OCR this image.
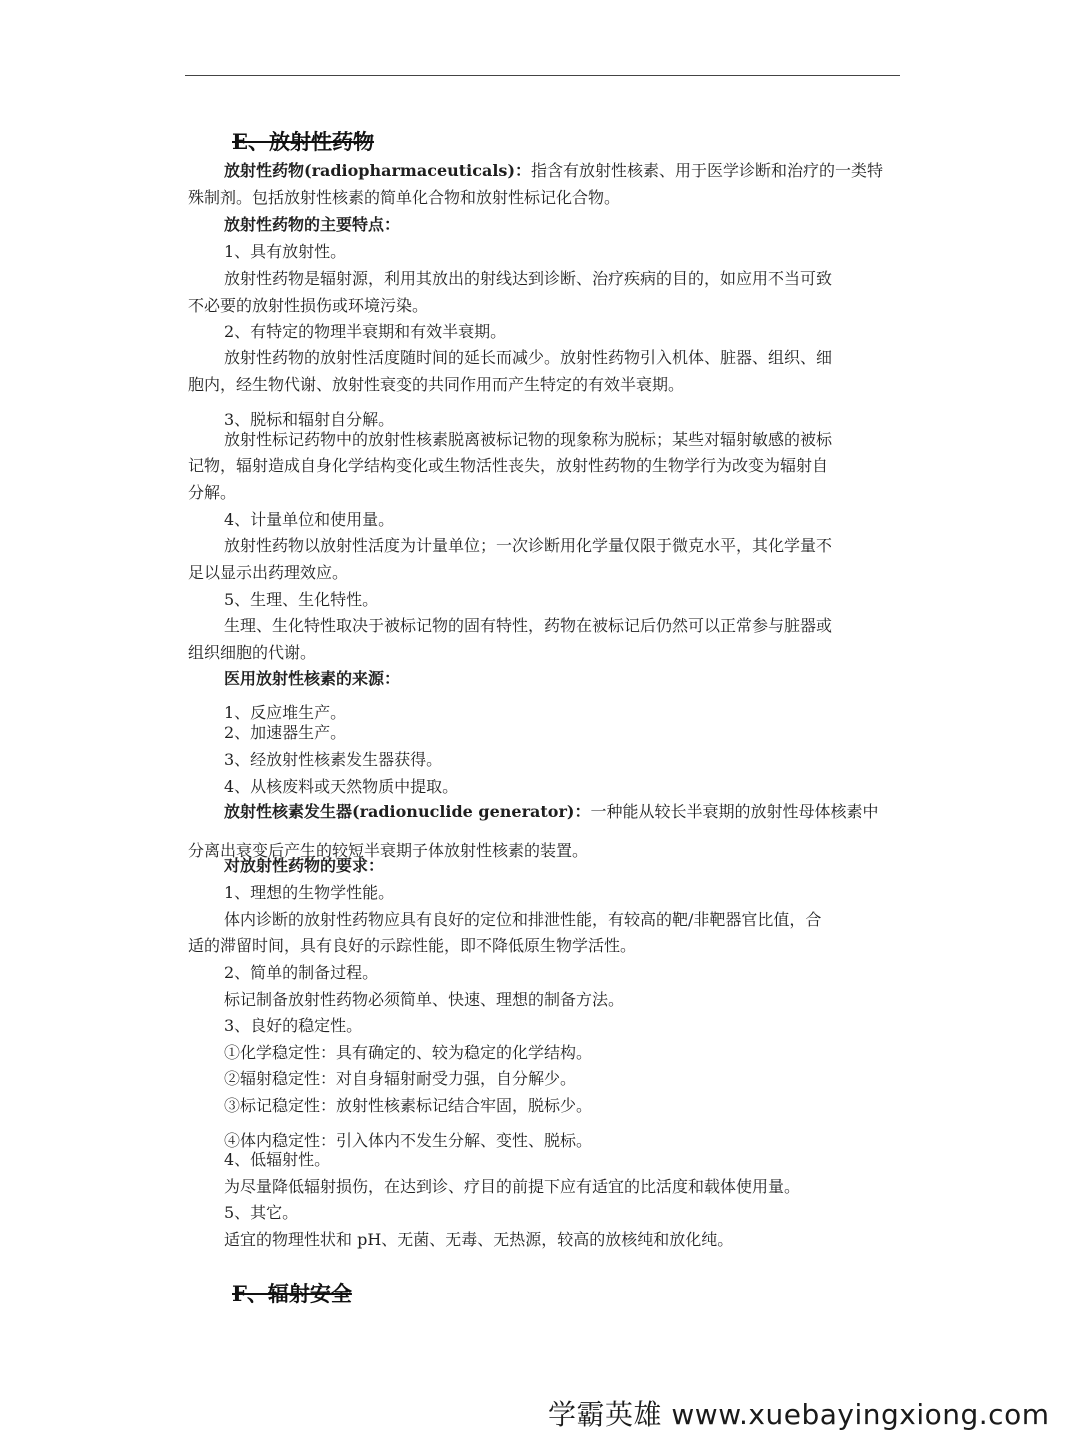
E、放射性药物
放射性药物(radiopharmaceuticals)：指含有放射性核素、用于医学诊断和治疗的一类特
殊制剂。包括放射性核素的简单化合物和放射性标记化合物。
放射性药物的主要特点：
1、具有放射性。
放射性药物是辐射源，利用其放出的射线达到诊断、治疗疾病的目的，如应用不当可致
不必要的放射性损伤或环境污染。
2、有特定的物理半衰期和有效半衰期。
放射性药物的放射性活度随时间的延长而减少。放射性药物引入机体、脏器、组织、细
胞内，经生物代谢、放射性衰变的共同作用而产生特定的有效半衰期。
3、脱标和辐射自分解。
放射性标记药物中的放射性核素脱离被标记物的现象称为脱标；某些对辐射敏感的被标
记物，辐射造成自身化学结构变化或生物活性丧失，放射性药物的生物学行为改变为辐射自
分解。
4、计量单位和使用量。
放射性药物以放射性活度为计量单位；一次诊断用化学量仅限于微克水平，其化学量不
足以显示出药理效应。
5、生理、生化特性。
生理、生化特性取决于被标记物的固有特性，药物在被标记后仍然可以正常参与脏器或
组织细胞的代谢。
医用放射性核素的来源：
1、反应堆生产。
2、加速器生产。
3、经放射性核素发生器获得。
4、从核废料或天然物质中提取。
放射性核素发生器(radionuclide generator)：一种能从较长半衰期的放射性母体核素中
分离出衰变后产生的较短半衰期子体放射性核素的装置。
对放射性药物的要求：
1、理想的生物学性能。
体内诊断的放射性药物应具有良好的定位和排泄性能，有较高的靶/非靶器官比值，合
适的滞留时间，具有良好的示踪性能，即不降低原生物学活性。
2、简单的制备过程。
标记制备放射性药物必须简单、快速、理想的制备方法。
3、良好的稳定性。
①化学稳定性：具有确定的、较为稳定的化学结构。
②辐射稳定性：对自身辐射耐受力强，自分解少。
③标记稳定性：放射性核素标记结合牢固，脱标少。
④体内稳定性：引入体内不发生分解、变性、脱标。
4、低辐射性。
为尽量降低辐射损伤，在达到诊、疗目的前提下应有适宜的比活度和载体使用量。
5、其它。
适宜的物理性状和 pH、无菌、无毒、无热源，较高的放核纯和放化纯。
F、辐射安全
学霸英雄 www.xuebayingxiong.com
